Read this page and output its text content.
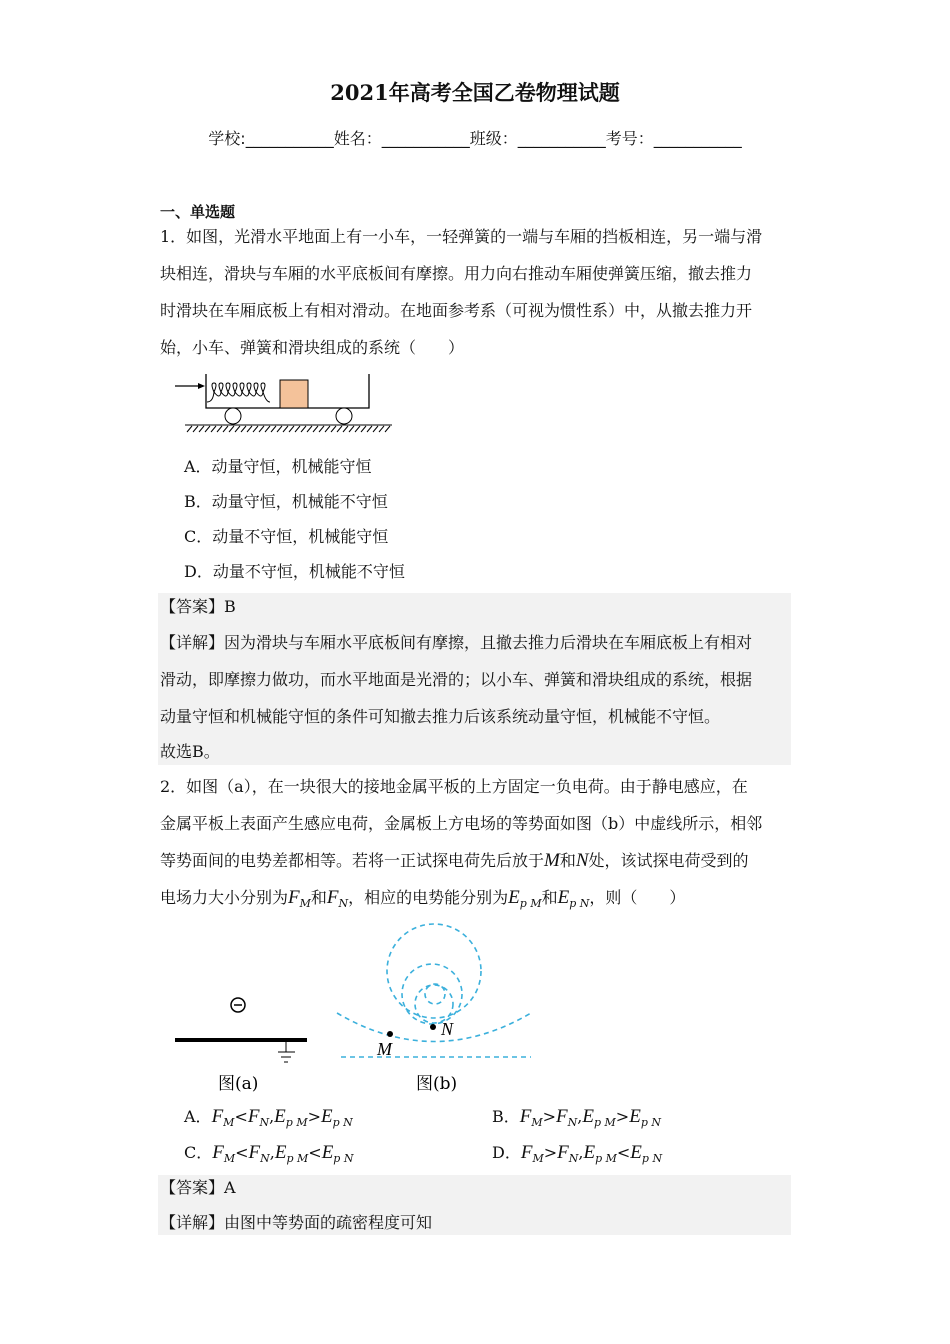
2021年高考全国乙卷物理试题
学校:___________姓名：___________班级：___________考号：___________
一、单选题
1．如图，光滑水平地面上有一小车，一轻弹簧的一端与车厢的挡板相连，另一端与滑
块相连，滑块与车厢的水平底板间有摩擦。用力向右推动车厢使弹簧压缩，撤去推力
时滑块在车厢底板上有相对滑动。在地面参考系（可视为惯性系）中，从撤去推力开
始，小车、弹簧和滑块组成的系统（　　）
M
N
图(a)	图(b)
A．动量守恒，机械能守恒
B．动量守恒，机械能不守恒
C．动量不守恒，机械能守恒
D．动量不守恒，机械能不守恒
【答案】B
【详解】因为滑块与车厢水平底板间有摩擦，且撤去推力后滑块在车厢底板上有相对
滑动，即摩擦力做功，而水平地面是光滑的；以小车、弹簧和滑块组成的系统，根据
动量守恒和机械能守恒的条件可知撤去推力后该系统动量守恒，机械能不守恒。
故选B。
2．如图（a），在一块很大的接地金属平板的上方固定一负电荷。由于静电感应，在
金属平板上表面产生感应电荷，金属板上方电场的等势面如图（b）中虚线所示，相邻
等势面间的电势差都相等。若将一正试探电荷先后放于M和N处，该试探电荷受到的
电场力大小分别为$F_M$和$F_N$，相应的电势能分别为$E_{p M}$和$E_{p N}$，则（　　）
A．$F_M<F_N,E_{p M}>E_{p N}$	B．$F_M>F_N,E_{p M}>E_{p N}$
C．$F_M<F_N,E_{p M}<E_{p N}$	D．$F_M>F_N,E_{p M}<E_{p N}$
【答案】A
【详解】由图中等势面的疏密程度可知
